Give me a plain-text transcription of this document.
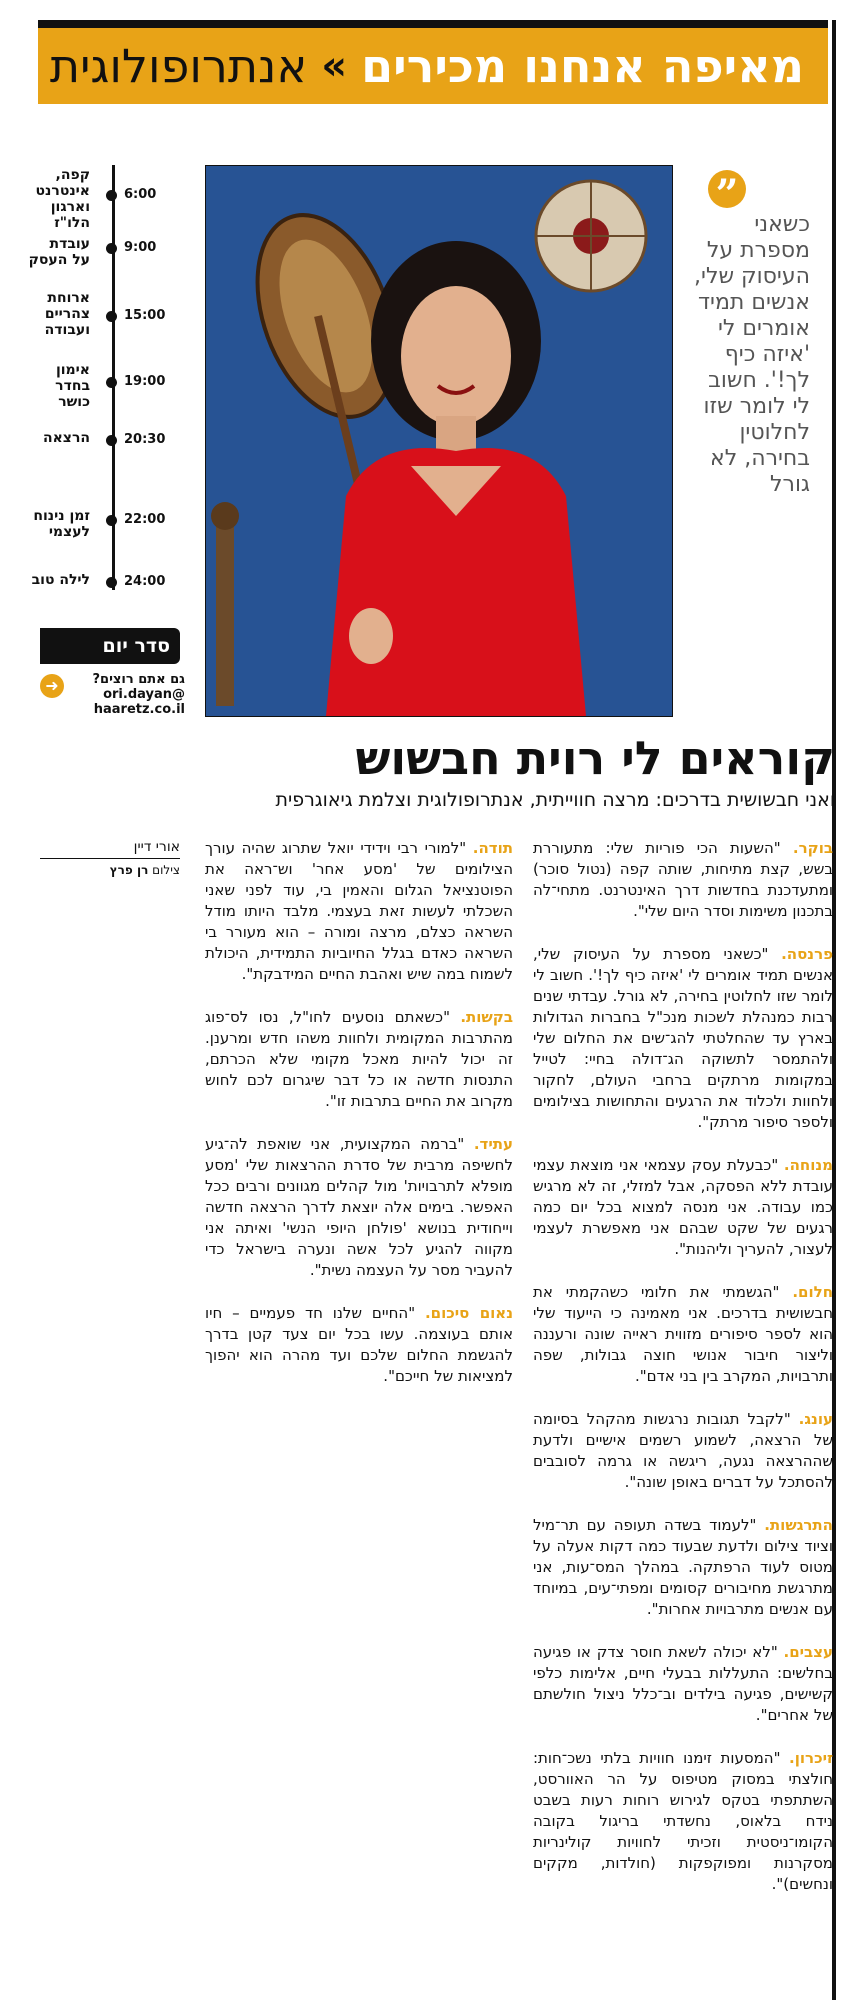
מאיפה אנחנו מכירים
»
אנתרופולוגית
6:00
קפה, אינטרנט וארגון הלו"ז
9:00
עובדת על העסק
15:00
ארוחת צהריים ועבודה
19:00
אימון בחדר כושר
20:30
הרצאה
22:00
זמן נינוח לעצמי
24:00
לילה טוב
סדר יום
➜	גם אתם רוצים? ori.dayan@ haaretz.co.il
”
כשאני מספרת על העיסוק שלי, אנשים תמיד אומרים לי 'איזה כיף לך!'. חשוב לי לומר שזו לחלוטין בחירה, לא גורל
קוראים לי רוית חבשוש
ואני חבשושית בדרכים: מרצה חווייתית, אנתרופולוגית וצלמת גיאוגרפית
אורי דיין
צילום רן פרץ

בוקר. "השעות הכי פוריות שלי: מתעוררת בשש, קצת מתיחות, שותה קפה (נטול סוכר) ומתעדכנת בחדשות דרך האינטרנט. מתחי־לה בתכנון משימות וסדר היום שלי".

פרנסה. "כשאני מספרת על העיסוק שלי, אנשים תמיד אומרים לי 'איזה כיף לך!'. חשוב לי לומר שזו לחלוטין בחירה, לא גורל. עבדתי שנים רבות כמנהלת לשכות מנכ"ל בחברות הגדולות בארץ עד שהחלטתי להג־שים את החלום שלי ולהתמסר לתשוקה הג־דולה בחיי: לטייל במקומות מרתקים ברחבי העולם, לחקור ולחוות ולכלוד את הרגעים והתחושות בצילומים ולספר סיפור מרתק".

מנוחה. "כבעלת עסק עצמאי אני מוצאת עצמי עובדת ללא הפסקה, אבל למזלי, זה לא מרגיש כמו עבודה. אני מנסה למצוא בכל יום כמה רגעים של שקט שבהם אני מאפשרת לעצמי לעצור, להעריך וליהנות".

חלום. "הגשמתי את חלומי כשהקמתי את חבשושית בדרכים. אני מאמינה כי הייעוד שלי הוא לספר סיפורים מזווית ראייה שונה ורעננה וליצור חיבור אנושי חוצה גבולות, שפה ותרבויות, המקרב בין בני אדם".

עונג. "לקבל תגובות נרגשות מהקהל בסיומה של הרצאה, לשמוע רשמים אישיים ולדעת שההרצאה נגעה, ריגשה או גרמה לסובבים להסתכל על דברים באופן שונה".

התרגשות. "לעמוד בשדה תעופה עם תר־מיל וציוד צילום ולדעת שבעוד כמה דקות אעלה על מטוס לעוד הרפתקה. במהלך המס־עות, אני מתרגשת מחיבורים קסומים ומפתי־עים, במיוחד עם אנשים מתרבויות אחרות".

עצבים. "לא יכולה לשאת חוסר צדק או פגיעה בחלשים: התעללות בבעלי חיים, אלימות כלפי קשישים, פגיעה בילדים וב־כלל ניצול חולשתם של אחרים".

זיכרון. "המסעות זימנו חוויות בלתי נשכ־חות: חולצתי במסוק מטיפוס על הר האוורסט, השתתפתי בטקס לגירוש רוחות רעות בשבט נידח בלאוס, נחשדתי בריגול בקובה הקומו־ניסטית וזכיתי לחוויות קולינריות מסקרנות ומפוקפקות (חולדות, מקקים ונחשים)".

תודה. "למורי רבי וידידי יואל שתרוג שהיה עורך הצילומים של 'מסע אחר' וש־ראה את הפוטנציאל הגלום והאמין בי, עוד לפני שאני השכלתי לעשות זאת בעצמי. מלבד היותו מודל השראה כצלם, מרצה ומורה – הוא מעורר בי השראה כאדם בגלל החיוביות התמידית, היכולת לשמוח במה שיש ואהבת החיים המידבקת".

בקשות. "כשאתם נוסעים לחו"ל, נסו לס־פוג מהתרבות המקומית ולחוות משהו חדש ומרענן. זה יכול להיות מאכל מקומי שלא הכרתם, התנסות חדשה או כל דבר שיגרום לכם לחוש מקרוב את החיים בתרבות זו".

עתיד. "ברמה המקצועית, אני שואפת לה־גיע לחשיפה מרבית של סדרת ההרצאות שלי 'מסע מופלא לתרבויות' מול קהלים מגוונים ורבים ככל האפשר. בימים אלה יוצאת לדרך הרצאה חדשה וייחודית בנושא 'פולחן היופי הנשי' ואיתה אני מקווה להגיע לכל אשה ונערה בישראל כדי להעביר מסר על העצמה נשית".

נאום סיכום. "החיים שלנו חד פעמיים – חיו אותם בעוצמה. עשו בכל יום צעד קטן בדרך להגשמת החלום שלכם ועד מהרה הוא יהפוך למציאות של חייכם".
